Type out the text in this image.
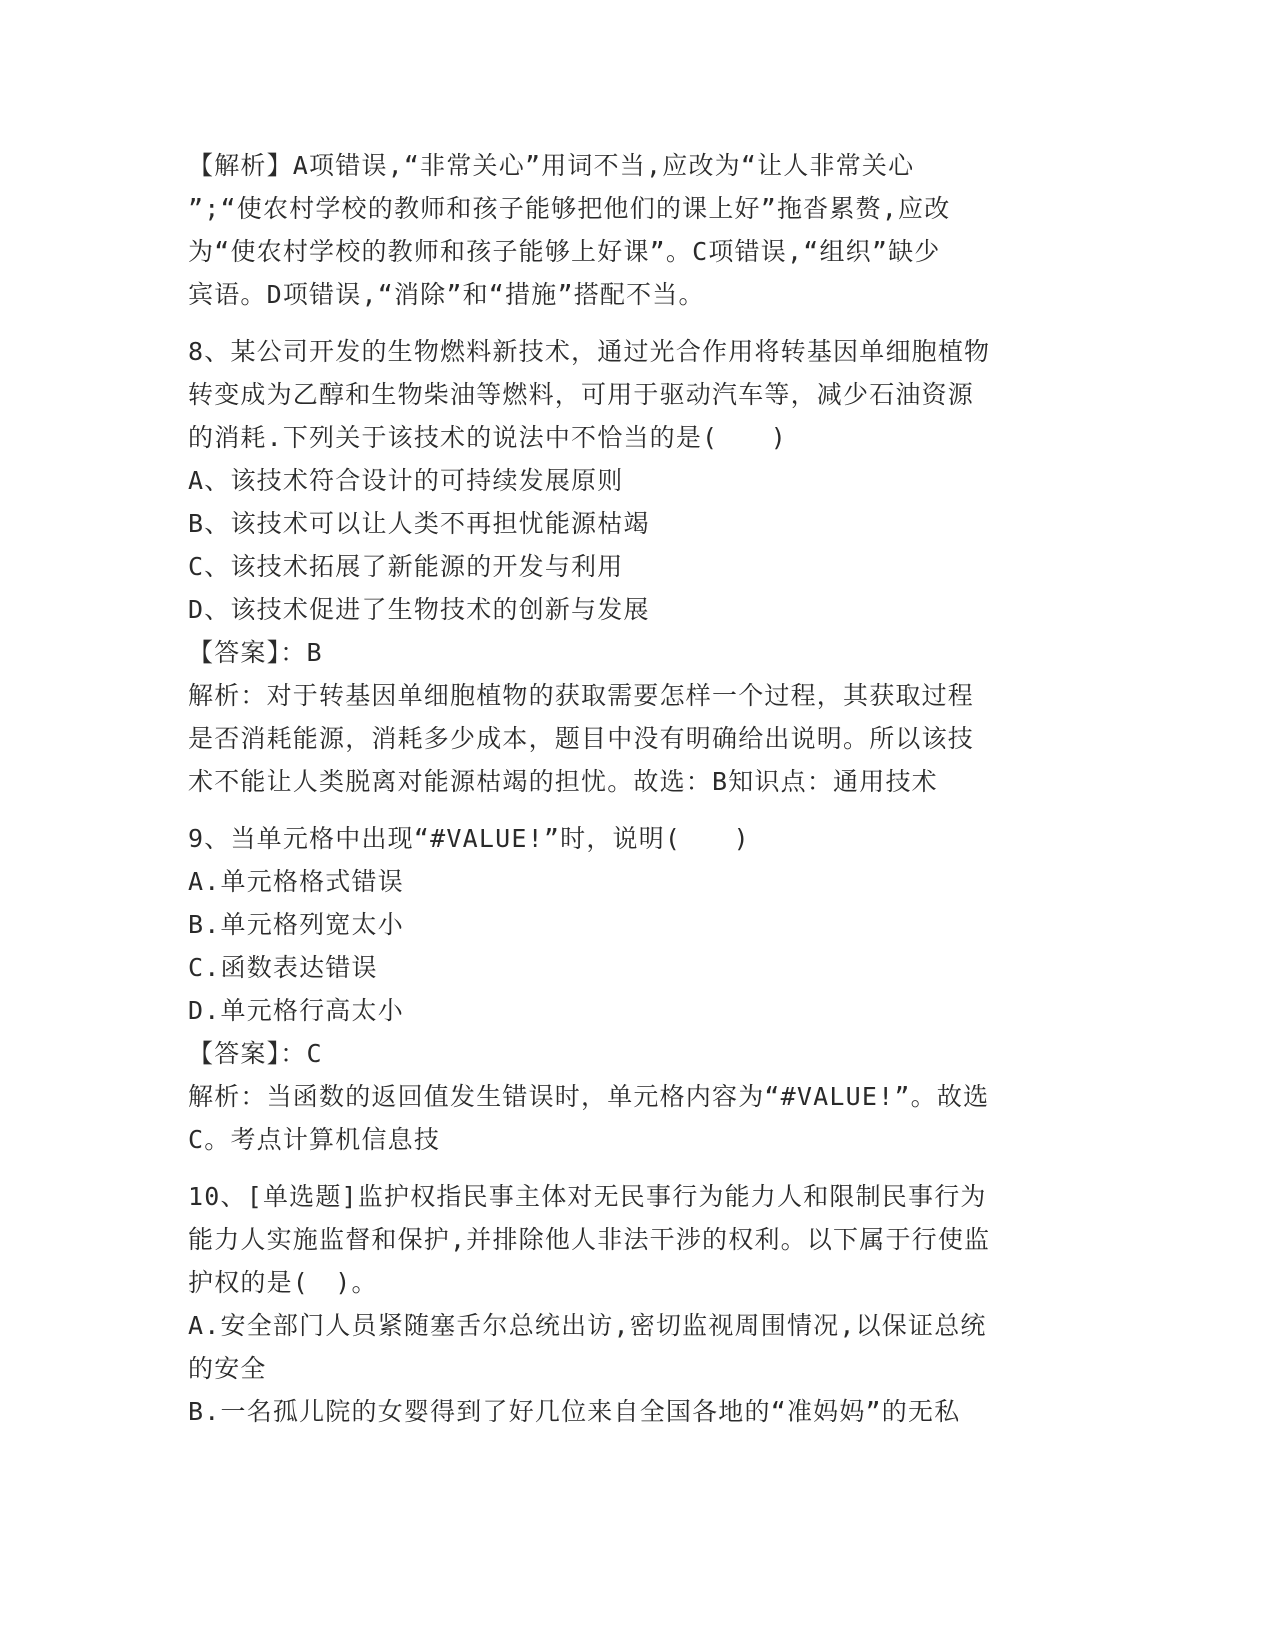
【解析】A项错误,“非常关心”用词不当,应改为“让人非常关心
”;“使农村学校的教师和孩子能够把他们的课上好”拖沓累赘,应改
为“使农村学校的教师和孩子能够上好课”。C项错误,“组织”缺少
宾语。D项错误,“消除”和“措施”搭配不当。
8、某公司开发的生物燃料新技术，通过光合作用将转基因单细胞植物
转变成为乙醇和生物柴油等燃料，可用于驱动汽车等，减少石油资源
的消耗.下列关于该技术的说法中不恰当的是(　　)
A、该技术符合设计的可持续发展原则
B、该技术可以让人类不再担忧能源枯竭
C、该技术拓展了新能源的开发与利用
D、该技术促进了生物技术的创新与发展
【答案】：B
解析：对于转基因单细胞植物的获取需要怎样一个过程，其获取过程
是否消耗能源，消耗多少成本，题目中没有明确给出说明。所以该技
术不能让人类脱离对能源枯竭的担忧。故选：B知识点：通用技术
9、当单元格中出现“#VALUE!”时，说明(　　)
A.单元格格式错误
B.单元格列宽太小
C.函数表达错误
D.单元格行高太小
【答案】：C
解析：当函数的返回值发生错误时，单元格内容为“#VALUE!”。故选
C。考点计算机信息技
10、[单选题]监护权指民事主体对无民事行为能力人和限制民事行为
能力人实施监督和保护,并排除他人非法干涉的权利。以下属于行使监
护权的是(　)。
A.安全部门人员紧随塞舌尔总统出访,密切监视周围情况,以保证总统
的安全
B.一名孤儿院的女婴得到了好几位来自全国各地的“准妈妈”的无私
